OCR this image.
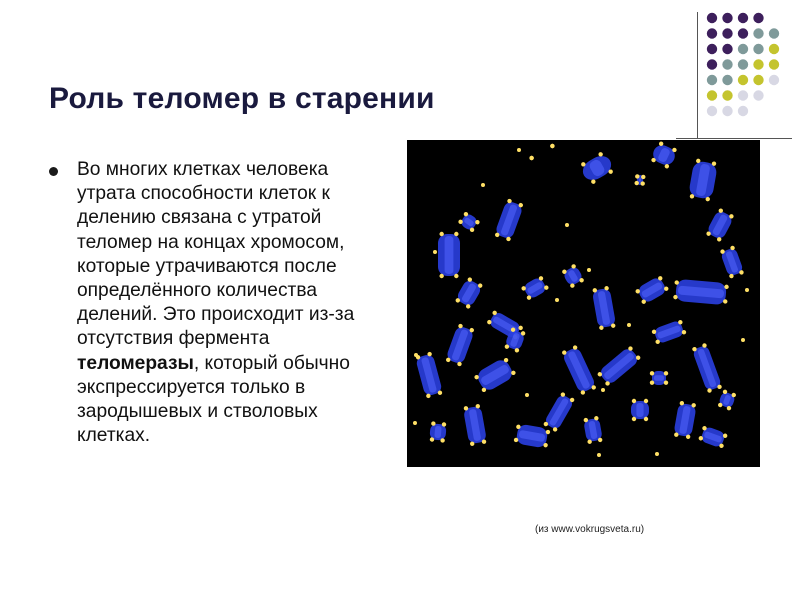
Роль теломер в старении

Во многих клетках человека утрата способности клеток к делению связана с утратой теломер на концах хромосом, которые утрачиваются после определённого количества делений. Это происходит из-за отсутствия фермента теломеразы, который обычно экспрессируется только в зародышевых и стволовых клетках.

(из www.vokrugsveta.ru)
